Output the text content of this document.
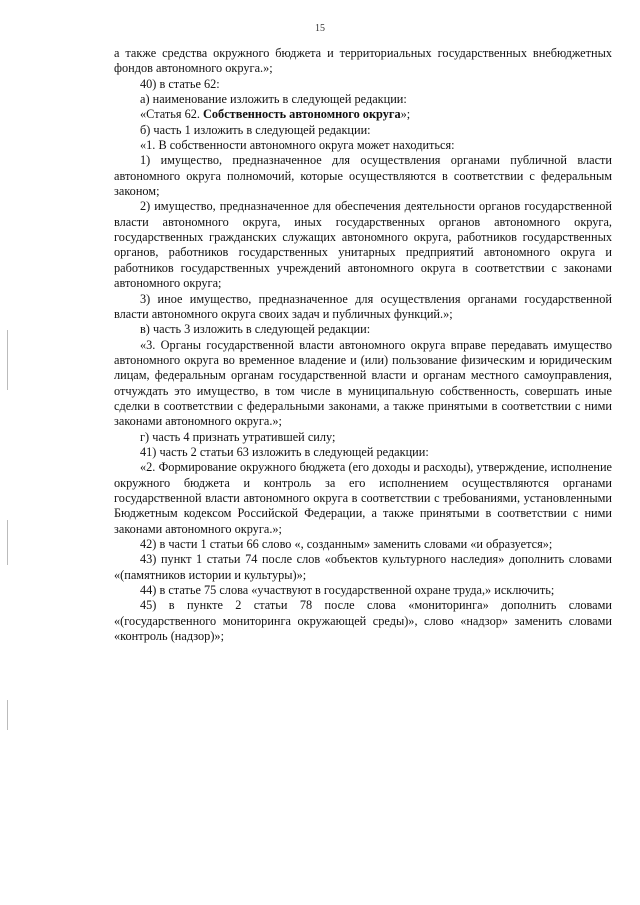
15

а также средства окружного бюджета и территориальных государственных внебюджетных фондов автономного округа.»;

40) в статье 62:

а) наименование изложить в следующей редакции:

«Статья 62. Собственность автономного округа»;

б) часть 1 изложить в следующей редакции:

«1. В собственности автономного округа может находиться:

1) имущество, предназначенное для осуществления органами публичной власти автономного округа полномочий, которые осуществляются в соответствии с федеральным законом;

2) имущество, предназначенное для обеспечения деятельности органов государственной власти автономного округа, иных государственных органов автономного округа, государственных гражданских служащих автономного округа, работников государственных органов, работников государственных унитарных предприятий автономного округа и работников государственных учреждений автономного округа в соответствии с законами автономного округа;

3) иное имущество, предназначенное для осуществления органами государственной власти автономного округа своих задач и публичных функций.»;

в) часть 3 изложить в следующей редакции:

«3. Органы государственной власти автономного округа вправе передавать имущество автономного округа во временное владение и (или) пользование физическим и юридическим лицам, федеральным органам государственной власти и органам местного самоуправления, отчуждать это имущество, в том числе в муниципальную собственность, совершать иные сделки в соответствии с федеральными законами, а также принятыми в соответствии с ними законами автономного округа.»;

г) часть 4 признать утратившей силу;

41) часть 2 статьи 63 изложить в следующей редакции:

«2. Формирование окружного бюджета (его доходы и расходы), утверждение, исполнение окружного бюджета и контроль за его исполнением осуществляются органами государственной власти автономного округа в соответствии с требованиями, установленными Бюджетным кодексом Российской Федерации, а также принятыми в соответствии с ними законами автономного округа.»;

42) в части 1 статьи 66 слово «, созданным» заменить словами «и образуется»;

43) пункт 1 статьи 74 после слов «объектов культурного наследия» дополнить словами «(памятников истории и культуры)»;

44) в статье 75 слова «участвуют в государственной охране труда,» исключить;

45) в пункте 2 статьи 78 после слова «мониторинга» дополнить словами «(государственного мониторинга окружающей среды)», слово «надзор» заменить словами «контроль (надзор)»;
